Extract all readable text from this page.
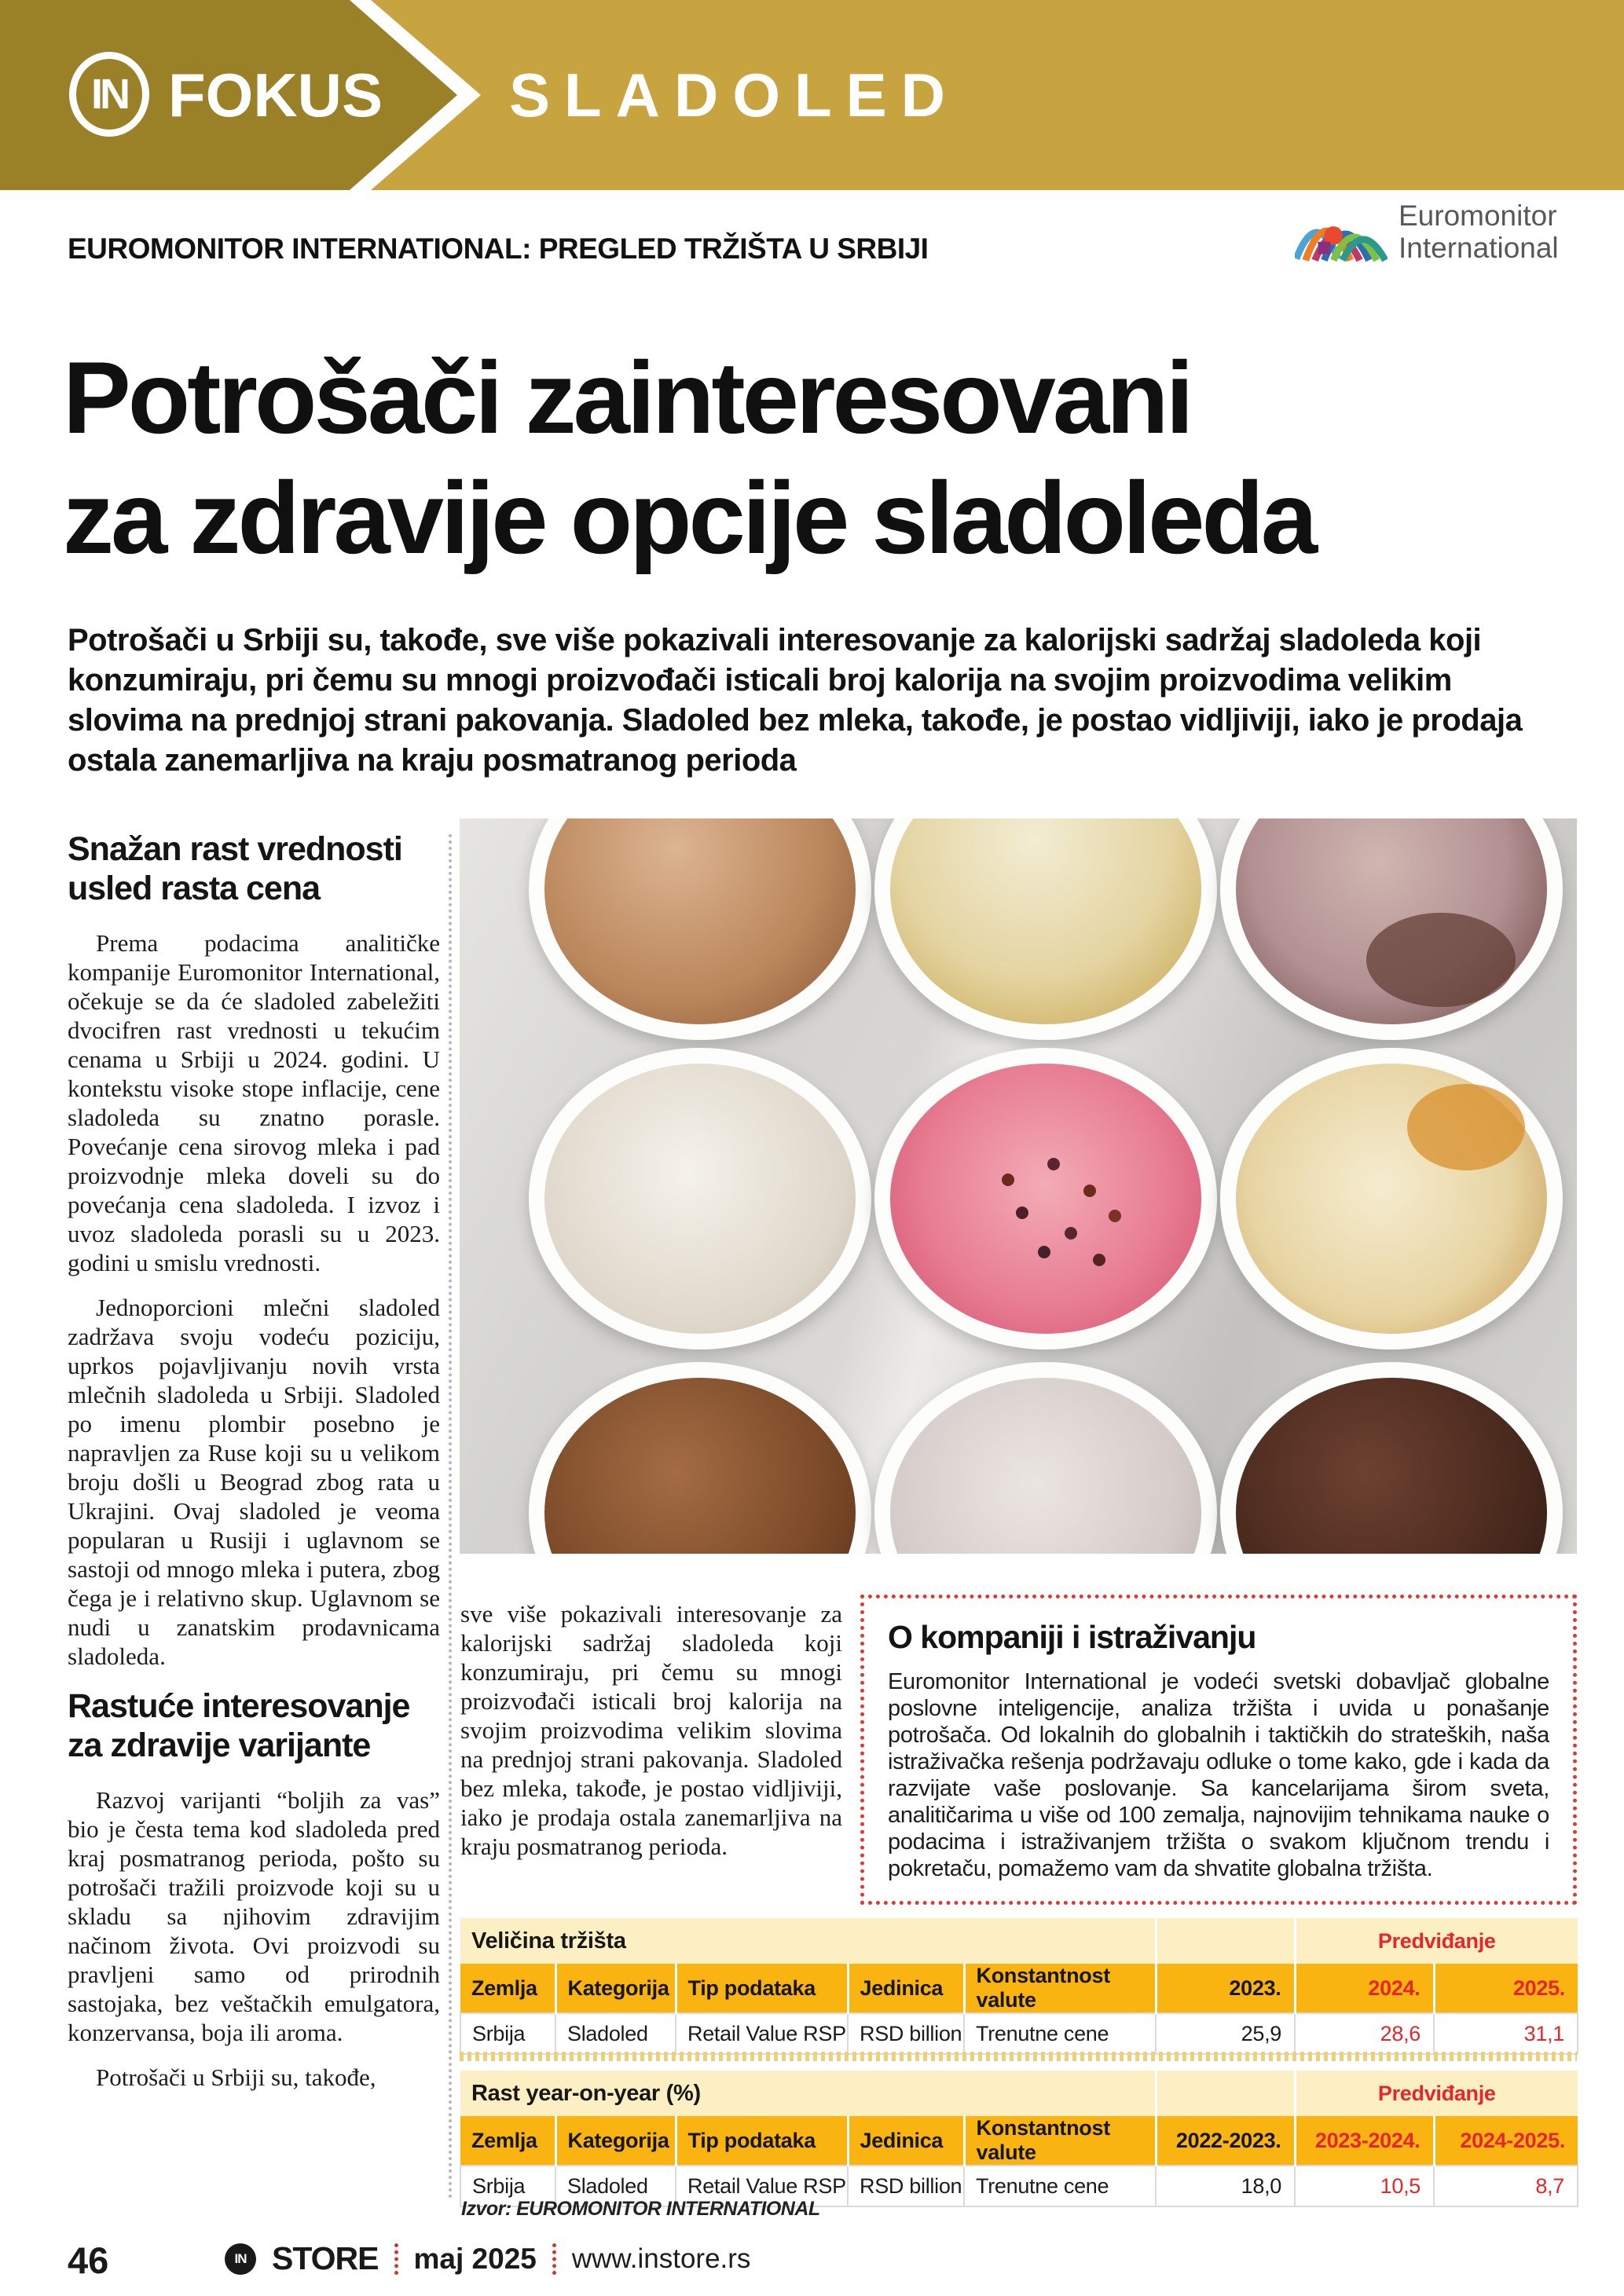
IN FOKUS SLADOLED
EUROMONITOR INTERNATIONAL: PREGLED TRŽIŠTA U SRBIJI
Euromonitor
International
Potrošači zainteresovani
za zdravije opcije sladoleda
Potrošači u Srbiji su, takođe, sve više pokazivali interesovanje za kalorijski sadržaj sladoleda koji konzumiraju, pri čemu su mnogi proizvođači isticali broj kalorija na svojim proizvodima velikim slovima na prednjoj strani pakovanja. Sladoled bez mleka, takođe, je postao vidljiviji, iako je prodaja ostala zanemarljiva na kraju posmatranog perioda
Snažan rast vrednosti usled rasta cena

Prema podacima analitičke kompanije Euromonitor International, očekuje se da će sladoled zabeležiti dvocifren rast vrednosti u tekućim cenama u Srbiji u 2024. godini. U kontekstu visoke stope inflacije, cene sladoleda su znatno porasle. Povećanje cena sirovog mleka i pad proizvodnje mleka doveli su do povećanja cena sladoleda. I izvoz i uvoz sladoleda porasli su u 2023. godini u smislu vrednosti.

Jednoporcioni mlečni sladoled zadržava svoju vodeću poziciju, uprkos pojavljivanju novih vrsta mlečnih sladoleda u Srbiji. Sladoled po imenu plombir posebno je napravljen za Ruse koji su u velikom broju došli u Beograd zbog rata u Ukrajini. Ovaj sladoled je veoma popularan u Rusiji i uglavnom se sastoji od mnogo mleka i putera, zbog čega je i relativno skup. Uglavnom se nudi u zanatskim prodavnicama sladoleda.

Rastuće interesovanje za zdravije varijante

Razvoj varijanti “boljih za vas” bio je česta tema kod sladoleda pred kraj posmatranog perioda, pošto su potrošači tražili proizvode koji su u skladu sa njihovim zdravijim načinom života. Ovi proizvodi su pravljeni samo od prirodnih sastojaka, bez veštačkih emulgatora, konzervansa, boja ili aroma.

Potrošači u Srbiji su, takođe,

sve više pokazivali interesovanje za kalorijski sadržaj sladoleda koji konzumiraju, pri čemu su mnogi proizvođači isticali broj kalorija na svojim proizvodima velikim slovima na prednjoj strani pakovanja. Sladoled bez mleka, takođe, je postao vidljiviji, iako je prodaja ostala zanemarljiva na kraju posmatranog perioda.

O kompaniji i istraživanju
Euromonitor International je vodeći svetski dobavljač globalne poslovne inteligencije, analiza tržišta i uvida u ponašanje potrošača. Od lokalnih do globalnih i taktičkih do strateških, naša istraživačka rešenja podržavaju odluke o tome kako, gde i kada da razvijate vaše poslovanje. Sa kancelarijama širom sveta, analitičarima u više od 100 zemalja, najnovijim tehnikama nauke o podacima i istraživanjem tržišta o svakom ključnom trendu i pokretaču, pomažemo vam da shvatite globalna tržišta.
Veličina tržišta						Predviđanje	
Zemlja	Kategorija	Tip podataka	Jedinica	Konstantnost valute	2023.	2024.	2025.
Srbija	Sladoled	Retail Value RSP	RSD billion	Trenutne cene	25,9	28,6	31,1
Rast year-on-year (%)						Predviđanje	
Zemlja	Kategorija	Tip podataka	Jedinica	Konstantnost valute	2022-2023.	2023-2024.	2024-2025.
Srbija	Sladoled	Retail Value RSP	RSD billion	Trenutne cene	18,0	10,5	8,7
Izvor: EUROMONITOR INTERNATIONAL
46	IN STORE maj 2025 www.instore.rs
